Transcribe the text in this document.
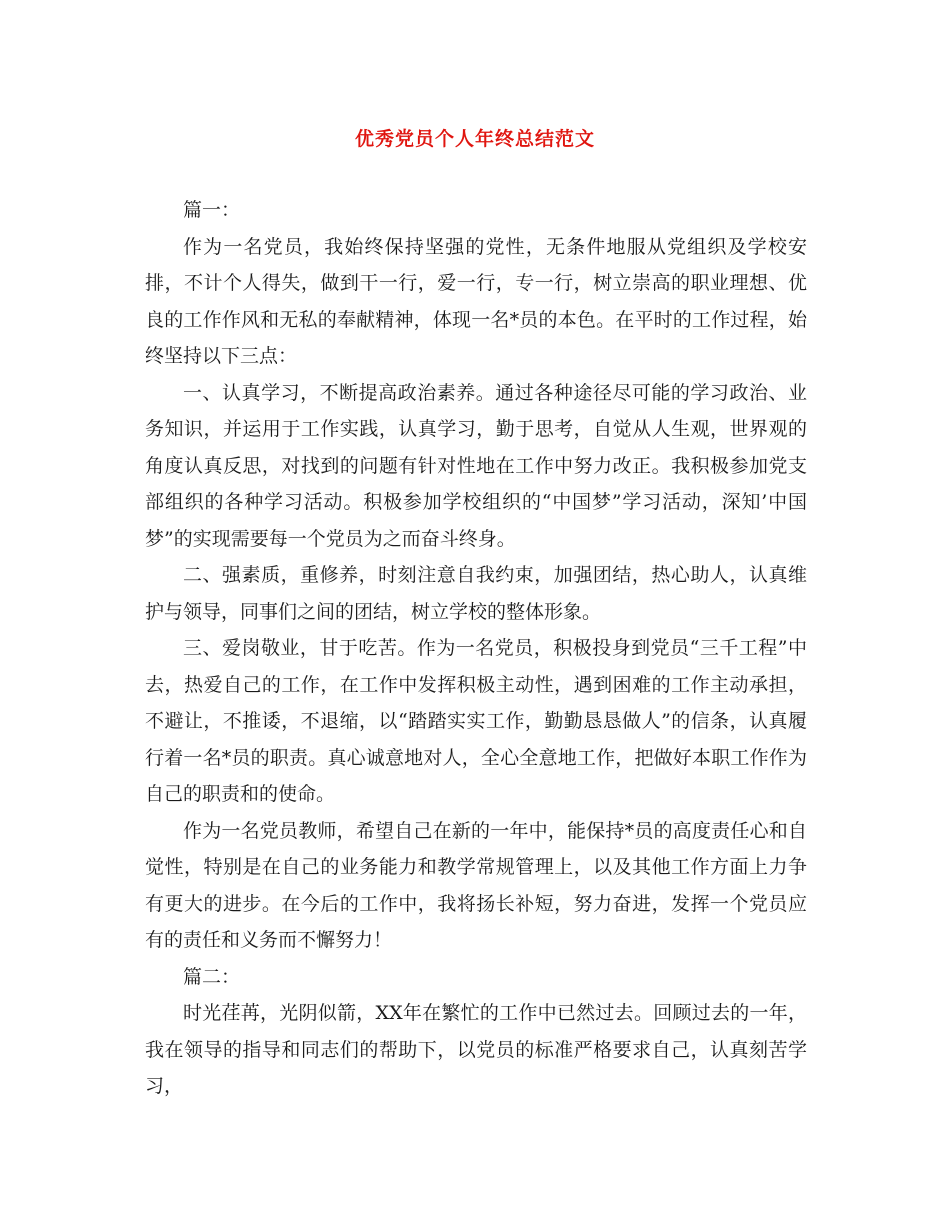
优秀党员个人年终总结范文

篇一：

作为一名党员，我始终保持坚强的党性，无条件地服从党组织及学校安排，不计个人得失，做到干一行，爱一行，专一行，树立崇高的职业理想、优良的工作作风和无私的奉献精神，体现一名*员的本色。在平时的工作过程，始终坚持以下三点：

一、认真学习，不断提高政治素养。通过各种途径尽可能的学习政治、业务知识，并运用于工作实践，认真学习，勤于思考，自觉从人生观，世界观的角度认真反思，对找到的问题有针对性地在工作中努力改正。我积极参加党支部组织的各种学习活动。积极参加学校组织的“中国梦”学习活动，深知’中国梦”的实现需要每一个党员为之而奋斗终身。

二、强素质，重修养，时刻注意自我约束，加强团结，热心助人，认真维护与领导，同事们之间的团结，树立学校的整体形象。

三、爱岗敬业，甘于吃苦。作为一名党员，积极投身到党员“三千工程”中去，热爱自己的工作，在工作中发挥积极主动性，遇到困难的工作主动承担，不避让，不推诿，不退缩，以“踏踏实实工作，勤勤恳恳做人”的信条，认真履行着一名*员的职责。真心诚意地对人，全心全意地工作，把做好本职工作作为自己的职责和的使命。

作为一名党员教师，希望自己在新的一年中，能保持*员的高度责任心和自觉性，特别是在自己的业务能力和教学常规管理上，以及其他工作方面上力争有更大的进步。在今后的工作中，我将扬长补短，努力奋进，发挥一个党员应有的责任和义务而不懈努力！

篇二：

时光荏苒，光阴似箭，XX年在繁忙的工作中已然过去。回顾过去的一年，我在领导的指导和同志们的帮助下，以党员的标准严格要求自己，认真刻苦学习，
